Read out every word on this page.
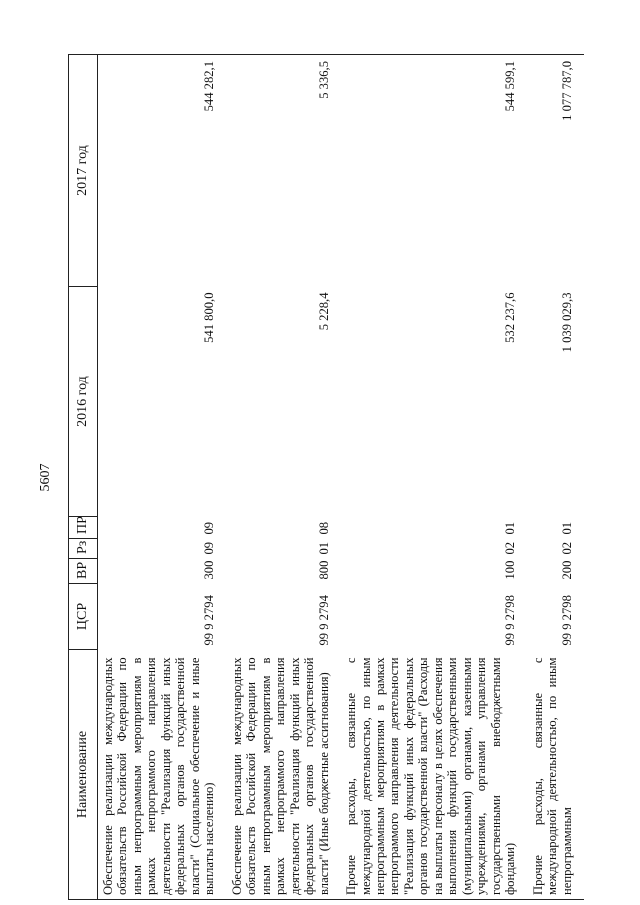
5607
Наименование	ЦСР	ВР	Рз	ПР	2016 год	2017 год
Обеспечение реализации международных обязательств Российской Федерации по иным непрограммным мероприятиям в рамках непрограммого направления деятельности "Реализация функций иных федеральных органов государственной власти" (Социальное обеспечение и иные выплаты населению)	99 9 2794	300	09	09	541 800,0	544 282,1
Обеспечение реализации международных обязательств Российской Федерации по иным непрограммным мероприятиям в рамках непрограммого направления деятельности "Реализация функций иных федеральных органов государственной власти" (Иные бюджетные ассигнования)	99 9 2794	800	01	08	5 228,4	5 336,5
Прочие расходы, связанные с международной деятельностью, по иным непрограммным мероприятиям в рамках непрограммого направления деятельности "Реализация функций иных федеральных органов государственной власти" (Расходы на выплаты персоналу в целях обеспечения выполнения функций государственными (муниципальными) органами, казенными учреждениями, органами управления государственными внебюджетными фондами)	99 9 2798	100	02	01	532 237,6	544 599,1
Прочие расходы, связанные с международной деятельностью, по иным непрограммным	99 9 2798	200	02	01	1 039 029,3	1 077 787,0
